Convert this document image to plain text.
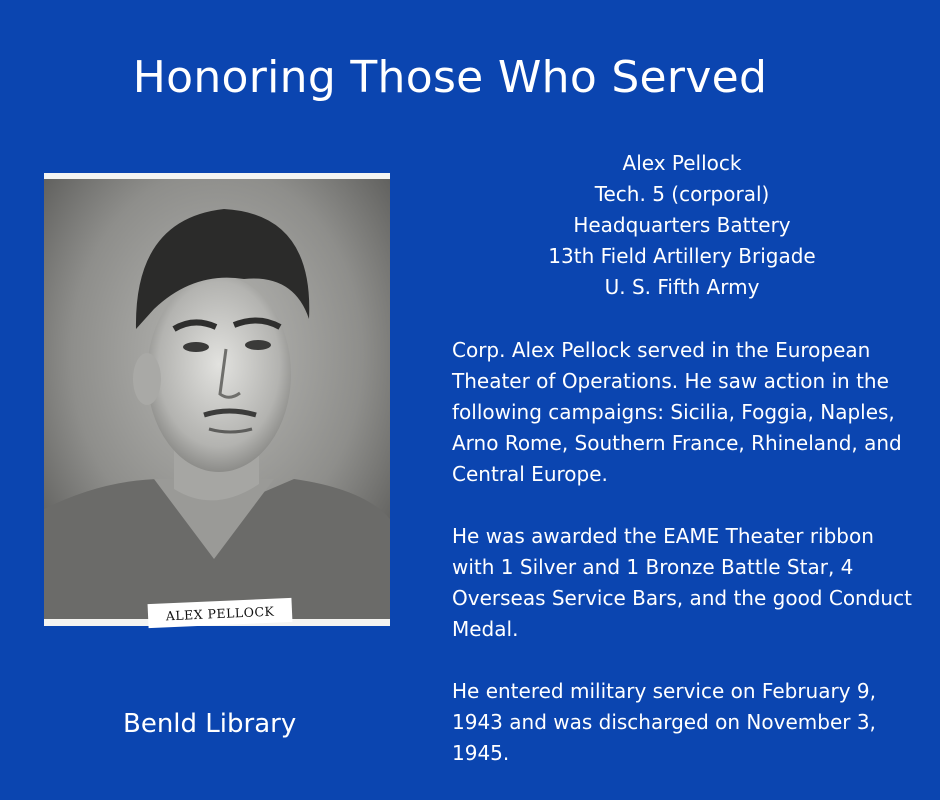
Honoring Those Who Served
ALEX PELLOCK
Alex Pellock
Tech. 5 (corporal)
Headquarters Battery
13th Field Artillery Brigade
U. S. Fifth Army

Corp. Alex Pellock served in the European Theater of Operations. He saw action in the following campaigns: Sicilia, Foggia, Naples, Arno Rome, Southern France, Rhineland, and Central Europe.

He was awarded the EAME Theater ribbon with 1 Silver and 1 Bronze Battle Star, 4 Overseas Service Bars, and the good Conduct Medal.

He entered military service on February 9, 1943 and was discharged on November 3, 1945.

Benld Library
